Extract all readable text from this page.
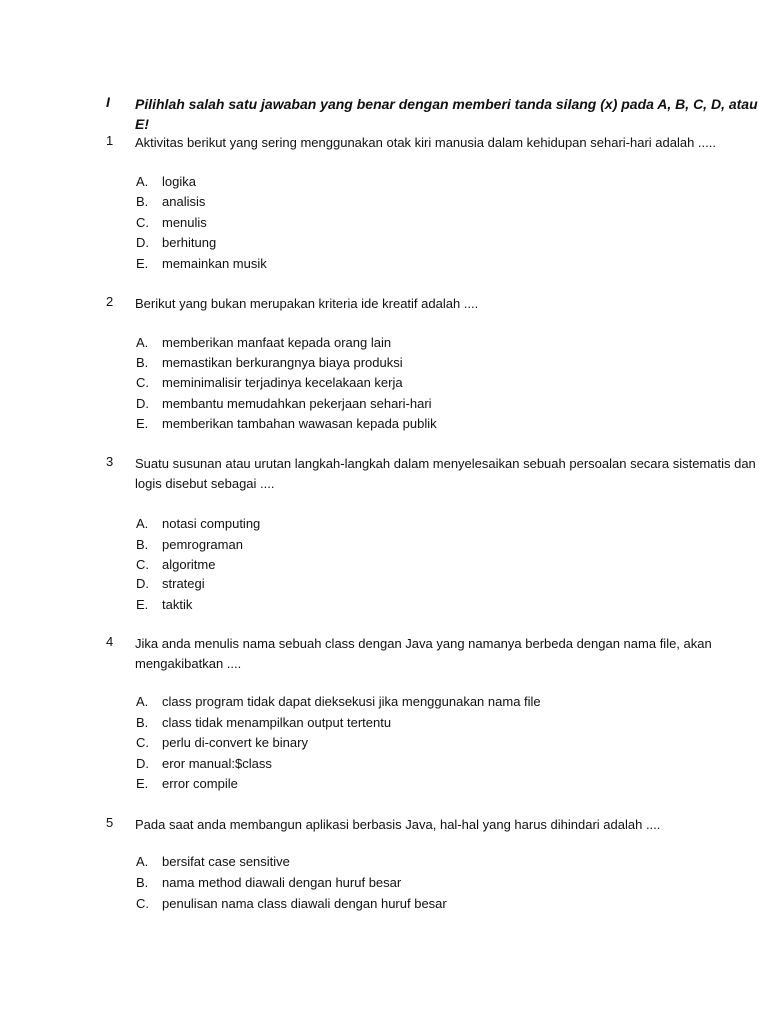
I Pilihlah salah satu jawaban yang benar dengan memberi tanda silang (x) pada A, B, C, D, atau E!
1 Aktivitas berikut yang sering menggunakan otak kiri manusia dalam kehidupan sehari-hari adalah .....
A. logika
B. analisis
C. menulis
D. berhitung
E. memainkan musik
2 Berikut yang bukan merupakan kriteria ide kreatif adalah ....
A. memberikan manfaat kepada orang lain
B. memastikan berkurangnya biaya produksi
C. meminimalisir terjadinya kecelakaan kerja
D. membantu memudahkan pekerjaan sehari-hari
E. memberikan tambahan wawasan kepada publik
3 Suatu susunan atau urutan langkah-langkah dalam menyelesaikan sebuah persoalan secara sistematis dan logis disebut sebagai ....
A. notasi computing
B. pemrograman
C. algoritme
D. strategi
E. taktik
4 Jika anda menulis nama sebuah class dengan Java yang namanya berbeda dengan nama file, akan mengakibatkan ....
A. class program tidak dapat dieksekusi jika menggunakan nama file
B. class tidak menampilkan output tertentu
C. perlu di-convert ke binary
D. eror manual:$class
E. error compile
5 Pada saat anda membangun aplikasi berbasis Java, hal-hal yang harus dihindari adalah ....
A. bersifat case sensitive
B. nama method diawali dengan huruf besar
C. penulisan nama class diawali dengan huruf besar
